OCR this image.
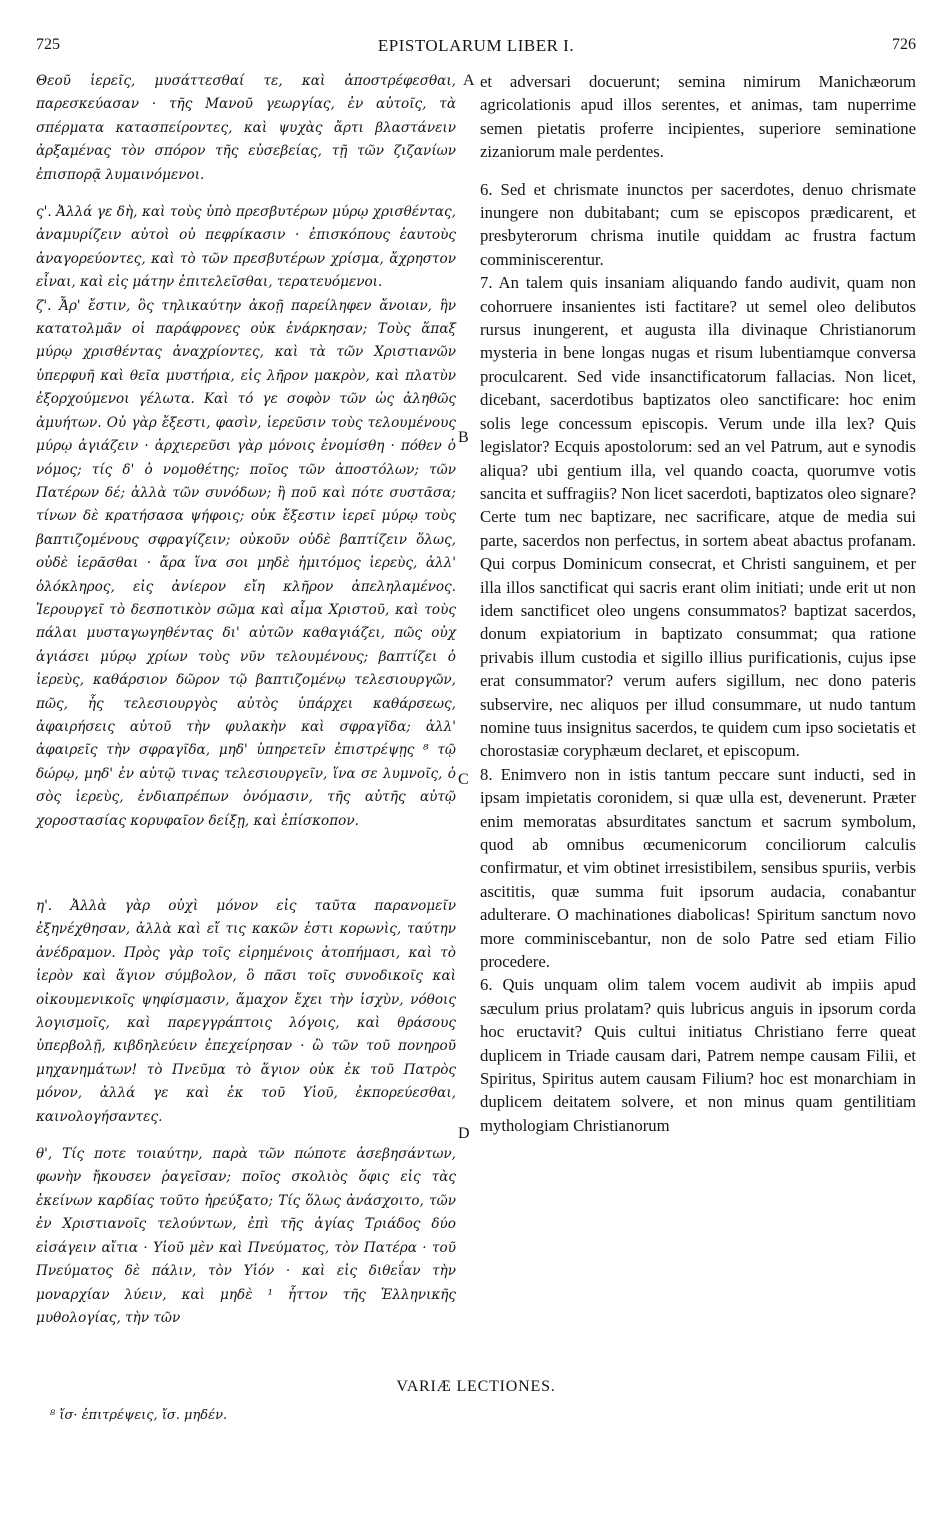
725	EPISTOLARUM LIBER I.	726

Θεοῦ ἱερεῖς, μυσάττεσθαί τε, καὶ ἀποστρέφεσθαι, παρεσκεύασαν · τῆς Μανοῦ γεωργίας, ἐν αὐτοῖς, τὰ σπέρματα κατασπείροντες, καὶ ψυχὰς ἄρτι βλαστάνειν ἀρξαμένας τὸν σπόρον τῆς εὐσεβείας, τῇ τῶν ζιζανίων ἐπισπορᾷ λυμαινόμενοι.

ς'. Ἀλλά γε δὴ, καὶ τοὺς ὑπὸ πρεσβυτέρων μύρῳ χρισθέντας, ἀναμυρίζειν αὐτοὶ οὐ πεφρίκασιν · ἐπισκόπους ἑαυτοὺς ἀναγορεύοντες, καὶ τὸ τῶν πρεσβυτέρων χρίσμα, ἄχρηστον εἶναι, καὶ εἰς μάτην ἐπιτελεῖσθαι, τερατευόμενοι.

ζ'. Ἆρ' ἔστιν, ὃς τηλικαύτην ἀκοῇ παρείληφεν ἄνοιαν, ἣν κατατολμᾶν οἱ παράφρονες οὐκ ἐνάρκησαν; Τοὺς ἅπαξ μύρῳ χρισθέντας ἀναχρίοντες, καὶ τὰ τῶν Χριστιανῶν ὑπερφυῆ καὶ θεῖα μυστήρια, εἰς λῆρον μακρὸν, καὶ πλατὺν ἐξορχούμενοι γέλωτα. Καὶ τό γε σοφὸν τῶν ὡς ἀληθῶς ἀμυήτων. Οὐ γὰρ ἔξεστι, φασὶν, ἱερεῦσιν τοὺς τελουμένους μύρῳ ἁγιάζειν · ἀρχιερεῦσι γὰρ μόνοις ἐνομίσθη · πόθεν ὁ νόμος; τίς δ' ὁ νομοθέτης; ποῖος τῶν ἀποστόλων; τῶν Πατέρων δέ; ἀλλὰ τῶν συνόδων; ἢ ποῦ καὶ πότε συστᾶσα; τίνων δὲ κρατήσασα ψήφοις; οὐκ ἔξεστιν ἱερεῖ μύρῳ τοὺς βαπτιζομένους σφραγίζειν; οὐκοῦν οὐδὲ βαπτίζειν ὅλως, οὐδὲ ἱερᾶσθαι · ἄρα ἵνα σοι μηδὲ ἡμιτόμος ἱερεὺς, ἀλλ' ὁλόκληρος, εἰς ἀνίερον εἴη κλῆρον ἀπεληλαμένος. Ἱερουργεῖ τὸ δεσποτικὸν σῶμα καὶ αἷμα Χριστοῦ, καὶ τοὺς πάλαι μυσταγωγηθέντας δι' αὐτῶν καθαγιάζει, πῶς οὐχ ἁγιάσει μύρῳ χρίων τοὺς νῦν τελουμένους; βαπτίζει ὁ ἱερεὺς, καθάρσιον δῶρον τῷ βαπτιζομένῳ τελεσιουργῶν, πῶς, ἧς τελεσιουργὸς αὐτὸς ὑπάρχει καθάρσεως, ἀφαιρήσεις αὐτοῦ τὴν φυλακὴν καὶ σφραγῖδα; ἀλλ' ἀφαιρεῖς τὴν σφραγῖδα, μηδ' ὑπηρετεῖν ἐπιστρέψῃς ⁸ τῷ δώρῳ, μηδ' ἐν αὐτῷ τινας τελεσιουργεῖν, ἵνα σε λυμνοῖς, ὁ σὸς ἱερεὺς, ἐνδιαπρέπων ὀνόμασιν, τῆς αὐτῆς αὐτῷ χοροστασίας κορυφαῖον δείξῃ, καὶ ἐπίσκοπον.

η'. Ἀλλὰ γὰρ οὐχὶ μόνον εἰς ταῦτα παρανομεῖν ἐξηνέχθησαν, ἀλλὰ καὶ εἴ τις κακῶν ἐστι κορωνὶς, ταύτην ἀνέδραμον. Πρὸς γὰρ τοῖς εἰρημένοις ἀτοπήμασι, καὶ τὸ ἱερὸν καὶ ἅγιον σύμβολον, ὃ πᾶσι τοῖς συνοδικοῖς καὶ οἰκουμενικοῖς ψηφίσμασιν, ἄμαχον ἔχει τὴν ἰσχὺν, νόθοις λογισμοῖς, καὶ παρεγγράπτοις λόγοις, καὶ θράσους ὑπερβολῇ, κιβδηλεύειν ἐπεχείρησαν · ὢ τῶν τοῦ πονηροῦ μηχανημάτων! τὸ Πνεῦμα τὸ ἅγιον οὐκ ἐκ τοῦ Πατρὸς μόνον, ἀλλά γε καὶ ἐκ τοῦ Υἱοῦ, ἐκπορεύεσθαι, καινολογήσαντες.

θ', Τίς ποτε τοιαύτην, παρὰ τῶν πώποτε ἀσεβησάντων, φωνὴν ἤκουσεν ῥαγεῖσαν; ποῖος σκολιὸς ὄφις εἰς τὰς ἐκείνων καρδίας τοῦτο ἠρεύξατο; Τίς ὅλως ἀνάσχοιτο, τῶν ἐν Χριστιανοῖς τελούντων, ἐπὶ τῆς ἁγίας Τριάδος δύο εἰσάγειν αἴτια · Υἱοῦ μὲν καὶ Πνεύματος, τὸν Πατέρα · τοῦ Πνεύματος δὲ πάλιν, τὸν Υἱόν · καὶ εἰς διθεΐαν τὴν μοναρχίαν λύειν, καὶ μηδὲ ¹ ἧττον τῆς Ἑλληνικῆς μυθολογίας, τὴν τῶν

et adversari docuerunt; semina nimirum Manichæorum agricolationis apud illos serentes, et animas, tam nuperrime semen pietatis proferre incipientes, superiore seminatione zizaniorum male perdentes.

6. Sed et chrismate inunctos per sacerdotes, denuo chrismate inungere non dubitabant; cum se episcopos prædicarent, et presbyterorum chrisma inutile quiddam ac frustra factum comminiscerentur.

7. An talem quis insaniam aliquando fando audivit, quam non cohorruere insanientes isti factitare? ut semel oleo delibutos rursus inungerent, et augusta illa divinaque Christianorum mysteria in bene longas nugas et risum lubentiamque conversa proculcarent. Sed vide insanctificatorum fallacias. Non licet, dicebant, sacerdotibus baptizatos oleo sanctificare: hoc enim solis lege concessum episcopis. Verum unde illa lex? Quis legislator? Ecquis apostolorum: sed an vel Patrum, aut e synodis aliqua? ubi gentium illa, vel quando coacta, quorumve votis sancita et suffragiis? Non licet sacerdoti, baptizatos oleo signare? Certe tum nec baptizare, nec sacrificare, atque de media sui parte, sacerdos non perfectus, in sortem abeat abactus profanam. Qui corpus Dominicum consecrat, et Christi sanguinem, et per illa illos sanctificat qui sacris erant olim initiati; unde erit ut non idem sanctificet oleo ungens consummatos? baptizat sacerdos, donum expiatorium in baptizato consummat; qua ratione privabis illum custodia et sigillo illius purificationis, cujus ipse erat consummator? verum aufers sigillum, nec dono pateris subservire, nec aliquos per illud consummare, ut nudo tantum nomine tuus insignitus sacerdos, te quidem cum ipso societatis et chorostasiæ coryphæum declaret, et episcopum.

8. Enimvero non in istis tantum peccare sunt inducti, sed in ipsam impietatis coronidem, si quæ ulla est, devenerunt. Præter enim memoratas absurditates sanctum et sacrum symbolum, quod ab omnibus œcumenicorum conciliorum calculis confirmatur, et vim obtinet irresistibilem, sensibus spuriis, verbis ascititis, quæ summa fuit ipsorum audacia, conabantur adulterare. O machinationes diabolicas! Spiritum sanctum novo more comminiscebantur, non de solo Patre sed etiam Filio procedere.

6. Quis unquam olim talem vocem audivit ab impiis apud sæculum prius prolatam? quis lubricus anguis in ipsorum corda hoc eructavit? Quis cultui initiatus Christiano ferre queat duplicem in Triade causam dari, Patrem nempe causam Filii, et Spiritus, Spiritus autem causam Filium? hoc est monarchiam in duplicem deitatem solvere, et non minus quam gentilitiam mythologiam Christianorum

A
B
C
D
VARIÆ LECTIONES.
⁸ ἴσ· ἐπιτρέψεις, ἴσ. μηδέν.
